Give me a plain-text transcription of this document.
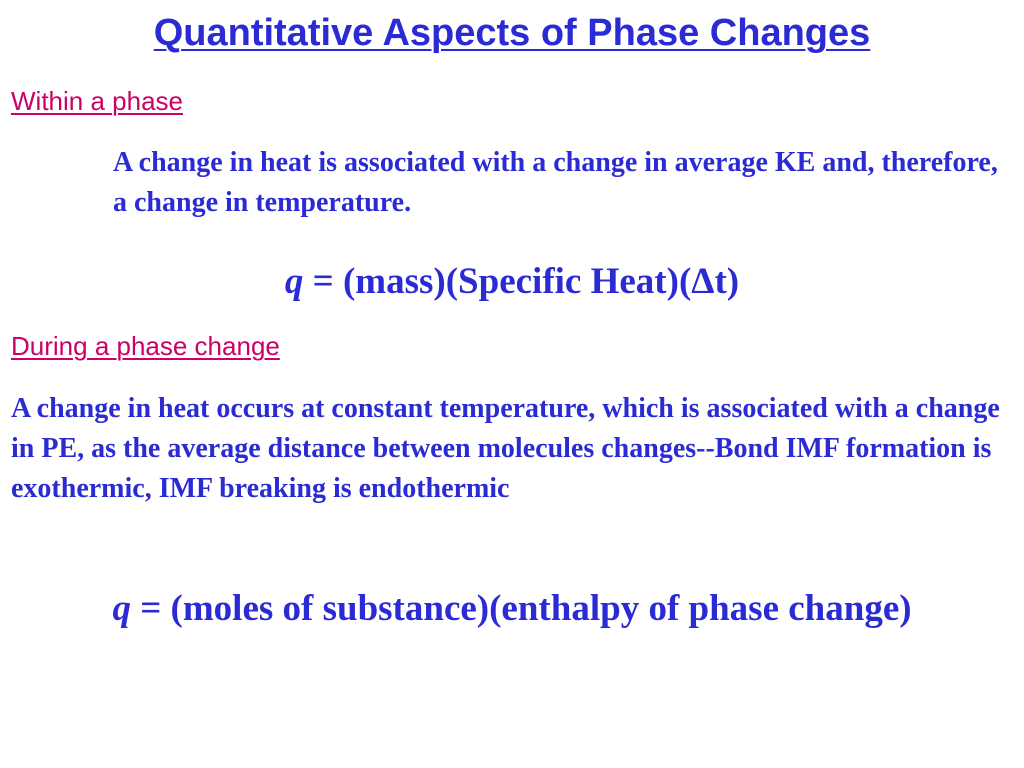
Quantitative Aspects of Phase Changes
Within a phase
A change in heat is associated with a change in average KE and, therefore, a change in temperature.
q = (mass)(Specific Heat)(Δt)
During a phase change
A change in heat occurs at constant temperature, which is associated with a change in PE, as the average distance between molecules changes--Bond IMF formation is exothermic, IMF breaking is endothermic
q = (moles of substance)(enthalpy of phase change)
